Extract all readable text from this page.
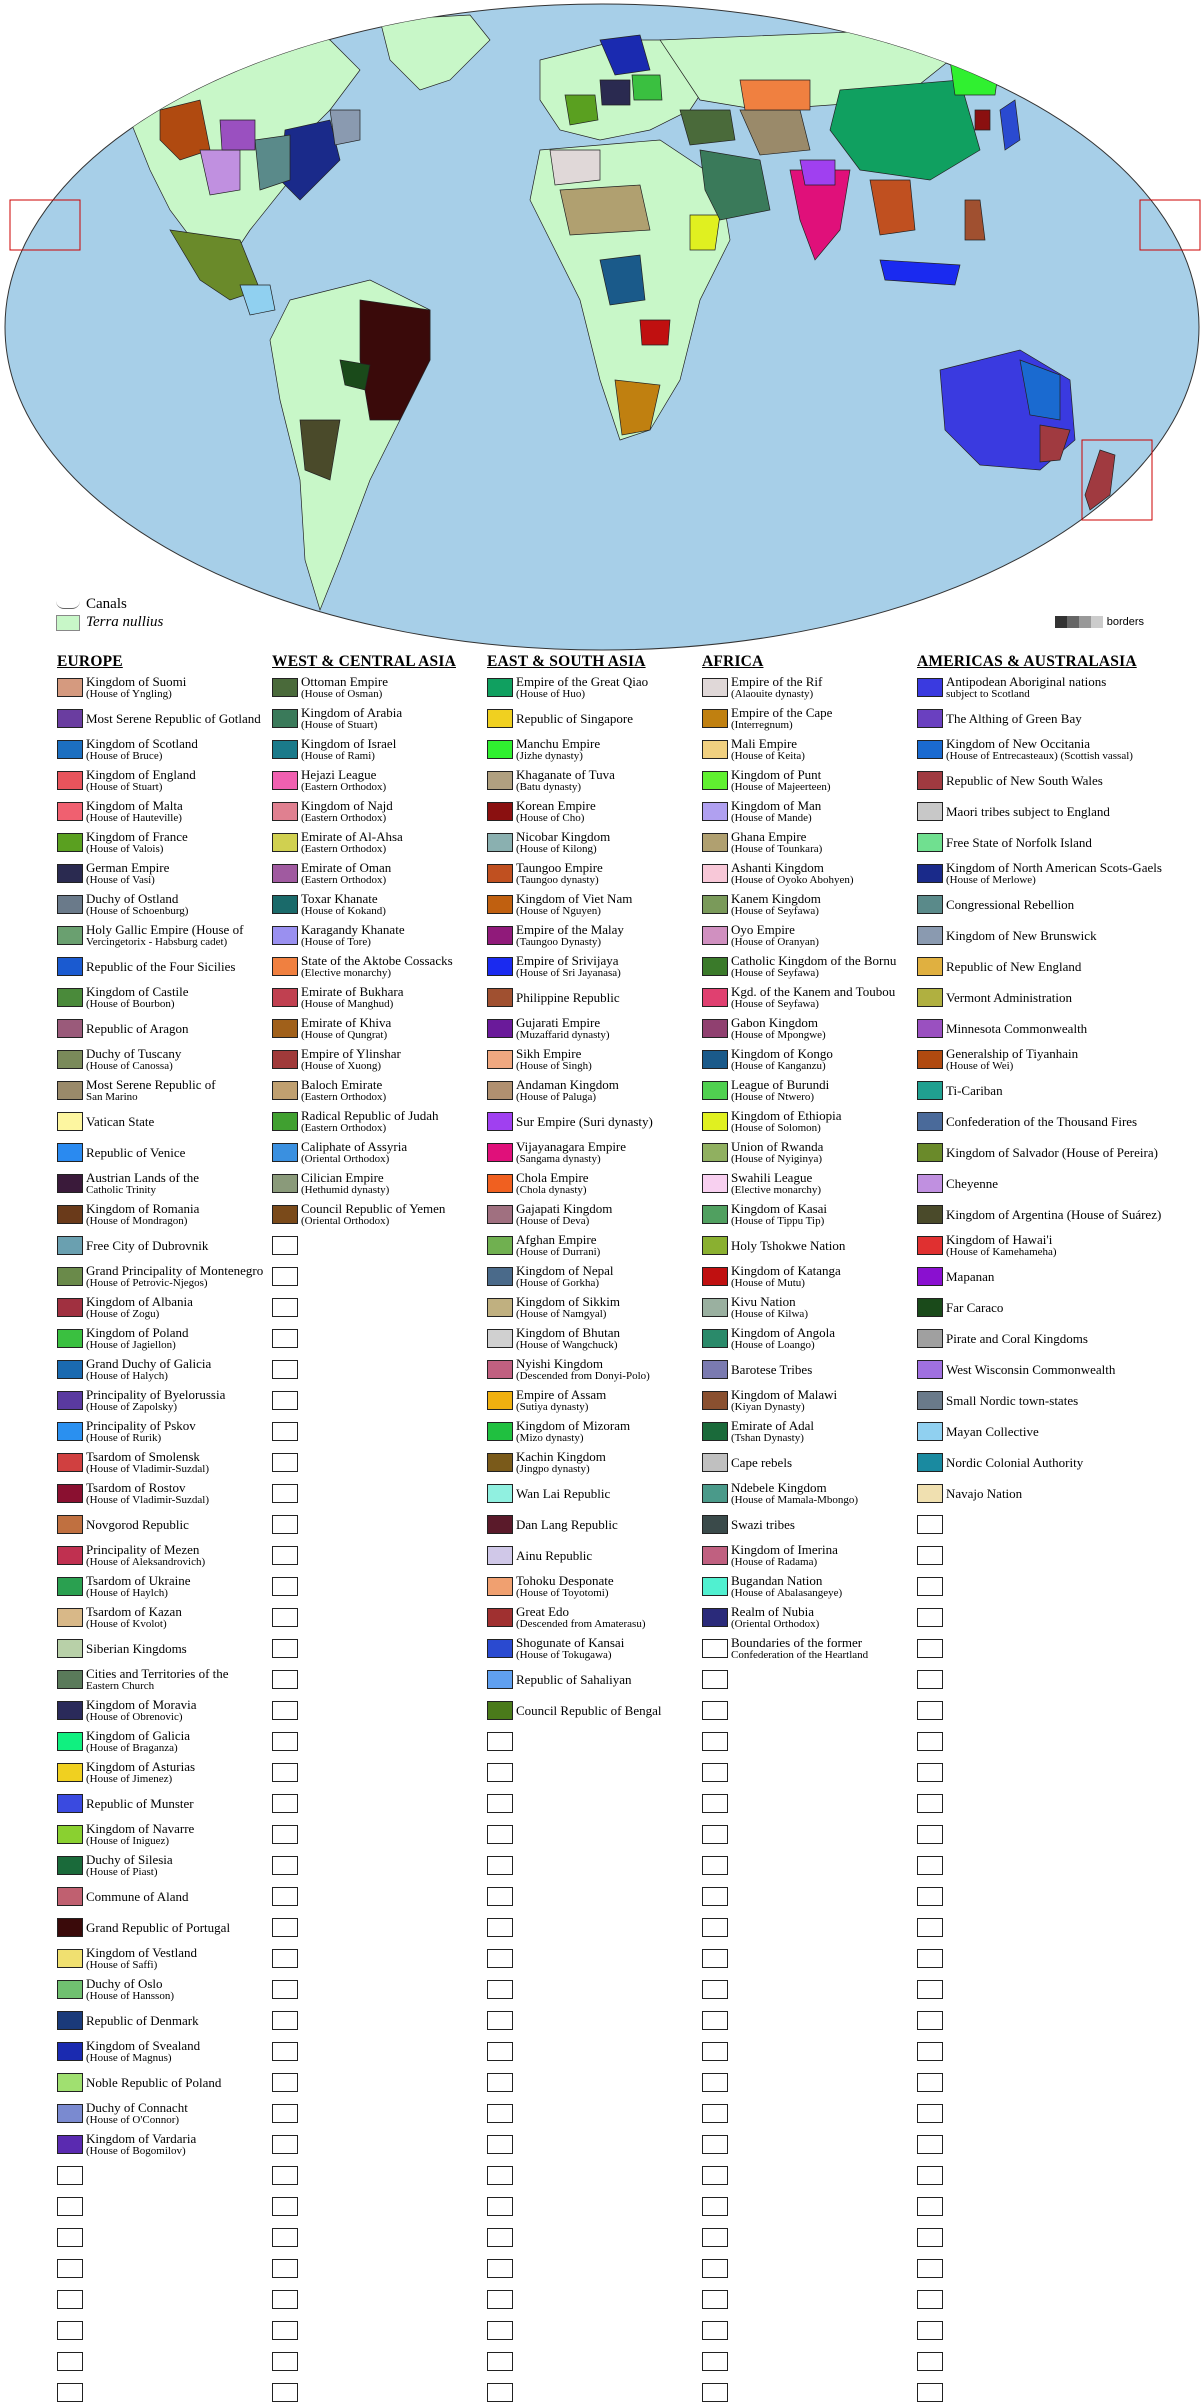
Canals
Terra nullius	borders
EUROPE
Kingdom of Suomi
(House of Yngling)
Most Serene Republic of Gotland
Kingdom of Scotland
(House of Bruce)
Kingdom of England
(House of Stuart)
Kingdom of Malta
(House of Hauteville)
Kingdom of France
(House of Valois)
German Empire
(House of Vasi)
Duchy of Ostland
(House of Schoenburg)
Holy Gallic Empire (House of
Vercingetorix - Habsburg cadet)
Republic of the Four Sicilies
Kingdom of Castile
(House of Bourbon)
Republic of Aragon
Duchy of Tuscany
(House of Canossa)
Most Serene Republic of
San Marino
Vatican State
Republic of Venice
Austrian Lands of the
Catholic Trinity
Kingdom of Romania
(House of Mondragon)
Free City of Dubrovnik
Grand Principality of Montenegro
(House of Petrovic-Njegos)
Kingdom of Albania
(House of Zogu)
Kingdom of Poland
(House of Jagiellon)
Grand Duchy of Galicia
(House of Halych)
Principality of Byelorussia
(House of Zapolsky)
Principality of Pskov
(House of Rurik)
Tsardom of Smolensk
(House of Vladimir-Suzdal)
Tsardom of Rostov
(House of Vladimir-Suzdal)
Novgorod Republic
Principality of Mezen
(House of Aleksandrovich)
Tsardom of Ukraine
(House of Haylch)
Tsardom of Kazan
(House of Kvolot)
Siberian Kingdoms
Cities and Territories of the
Eastern Church
Kingdom of Moravia
(House of Obrenovic)
Kingdom of Galicia
(House of Braganza)
Kingdom of Asturias
(House of Jimenez)
Republic of Munster
Kingdom of Navarre
(House of Iniguez)
Duchy of Silesia
(House of Piast)
Commune of Aland
Grand Republic of Portugal
Kingdom of Vestland
(House of Saffi)
Duchy of Oslo
(House of Hansson)
Republic of Denmark
Kingdom of Svealand
(House of Magnus)
Noble Republic of Poland
Duchy of Connacht
(House of O'Connor)
Kingdom of Vardaria
(House of Bogomilov)
WEST & CENTRAL ASIA
Ottoman Empire
(House of Osman)
Kingdom of Arabia
(House of Stuart)
Kingdom of Israel
(House of Rami)
Hejazi League
(Eastern Orthodox)
Kingdom of Najd
(Eastern Orthodox)
Emirate of Al-Ahsa
(Eastern Orthodox)
Emirate of Oman
(Eastern Orthodox)
Toxar Khanate
(House of Kokand)
Karagandy Khanate
(House of Tore)
State of the Aktobe Cossacks
(Elective monarchy)
Emirate of Bukhara
(House of Manghud)
Emirate of Khiva
(House of Qungrat)
Empire of Ylinshar
(House of Xuong)
Baloch Emirate
(Eastern Orthodox)
Radical Republic of Judah
(Eastern Orthodox)
Caliphate of Assyria
(Oriental Orthodox)
Cilician Empire
(Hethumid dynasty)
Council Republic of Yemen
(Oriental Orthodox)
EAST & SOUTH ASIA
Empire of the Great Qiao
(House of Huo)
Republic of Singapore
Manchu Empire
(Jizhe dynasty)
Khaganate of Tuva
(Batu dynasty)
Korean Empire
(House of Cho)
Nicobar Kingdom
(House of Kilong)
Taungoo Empire
(Taungoo dynasty)
Kingdom of Viet Nam
(House of Nguyen)
Empire of the Malay
(Taungoo Dynasty)
Empire of Srivijaya
(House of Sri Jayanasa)
Philippine Republic
Gujarati Empire
(Muzaffarid dynasty)
Sikh Empire
(House of Singh)
Andaman Kingdom
(House of Paluga)
Sur Empire (Suri dynasty)
Vijayanagara Empire
(Sangama dynasty)
Chola Empire
(Chola dynasty)
Gajapati Kingdom
(House of Deva)
Afghan Empire
(House of Durrani)
Kingdom of Nepal
(House of Gorkha)
Kingdom of Sikkim
(House of Namgyal)
Kingdom of Bhutan
(House of Wangchuck)
Nyishi Kingdom
(Descended from Donyi-Polo)
Empire of Assam
(Sutiya dynasty)
Kingdom of Mizoram
(Mizo dynasty)
Kachin Kingdom
(Jingpo dynasty)
Wan Lai Republic
Dan Lang Republic
Ainu Republic
Tohoku Desponate
(House of Toyotomi)
Great Edo
(Descended from Amaterasu)
Shogunate of Kansai
(House of Tokugawa)
Republic of Sahaliyan
Council Republic of Bengal
AFRICA
Empire of the Rif
(Alaouite dynasty)
Empire of the Cape
(Interregnum)
Mali Empire
(House of Keita)
Kingdom of Punt
(House of Majeerteen)
Kingdom of Man
(House of Mande)
Ghana Empire
(House of Tounkara)
Ashanti Kingdom
(House of Oyoko Abohyen)
Kanem Kingdom
(House of Seyfawa)
Oyo Empire
(House of Oranyan)
Catholic Kingdom of the Bornu
(House of Seyfawa)
Kgd. of the Kanem and Toubou
(House of Seyfawa)
Gabon Kingdom
(House of Mpongwe)
Kingdom of Kongo
(House of Kanganzu)
League of Burundi
(House of Ntwero)
Kingdom of Ethiopia
(House of Solomon)
Union of Rwanda
(House of Nyiginya)
Swahili League
(Elective monarchy)
Kingdom of Kasai
(House of Tippu Tip)
Holy Tshokwe Nation
Kingdom of Katanga
(House of Mutu)
Kivu Nation
(House of Kilwa)
Kingdom of Angola
(House of Loango)
Barotese Tribes
Kingdom of Malawi
(Kiyan Dynasty)
Emirate of Adal
(Tshan Dynasty)
Cape rebels
Ndebele Kingdom
(House of Mamala-Mbongo)
Swazi tribes
Kingdom of Imerina
(House of Radama)
Bugandan Nation
(House of Abalasangeye)
Realm of Nubia
(Oriental Orthodox)
Boundaries of the former
Confederation of the Heartland
AMERICAS & AUSTRALASIA
Antipodean Aboriginal nations
subject to Scotland
The Althing of Green Bay
Kingdom of New Occitania
(House of Entrecasteaux) (Scottish vassal)
Republic of New South Wales
Maori tribes subject to England
Free State of Norfolk Island
Kingdom of North American Scots-Gaels
(House of Merlowe)
Congressional Rebellion
Kingdom of New Brunswick
Republic of New England
Vermont Administration
Minnesota Commonwealth
Generalship of Tiyanhain
(House of Wei)
Ti-Cariban
Confederation of the Thousand Fires
Kingdom of Salvador (House of Pereira)
Cheyenne
Kingdom of Argentina (House of Suárez)
Kingdom of Hawai'i
(House of Kamehameha)
Mapanan
Far Caraco
Pirate and Coral Kingdoms
West Wisconsin Commonwealth
Small Nordic town-states
Mayan Collective
Nordic Colonial Authority
Navajo Nation
